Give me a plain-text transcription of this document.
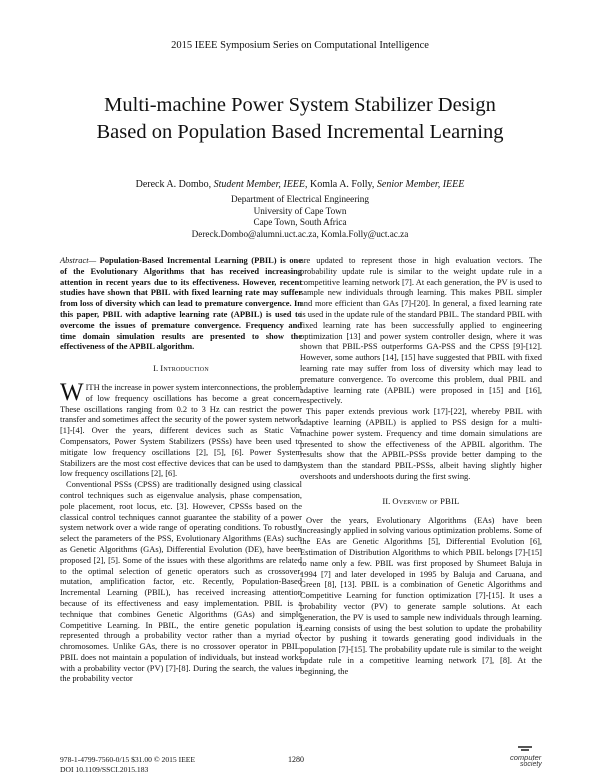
2015 IEEE Symposium Series on Computational Intelligence
Multi-machine Power System Stabilizer Design
Based on Population Based Incremental Learning
Dereck A. Dombo, Student Member, IEEE, Komla A. Folly, Senior Member, IEEE
Department of Electrical Engineering
University of Cape Town
Cape Town, South Africa
Dereck.Dombo@alumni.uct.ac.za, Komla.Folly@uct.ac.za

Abstract— Population-Based Incremental Learning (PBIL) is one of the Evolutionary Algorithms that has received increasing attention in recent years due to its effectiveness. However, recent studies have shown that PBIL with fixed learning rate may suffer from loss of diversity which can lead to premature convergence. In this paper, PBIL with adaptive learning rate (APBIL) is used to overcome the issues of premature convergence. Frequency and time domain simulation results are presented to show the effectiveness of the APBIL algorithm.

I. Introduction

WITH the increase in power system interconnections, the problem of low frequency oscillations has become a great concern. These oscillations ranging from 0.2 to 3 Hz can restrict the power transfer and sometimes affect the security of the power system network [1]-[4]. Over the years, different devices such as Static Var Compensators, Power System Stabilizers (PSSs) have been used to mitigate low frequency oscillations [2], [5], [6]. Power System Stabilizers are the most cost effective devices that can be used to damp low frequency oscillations [2], [6].

Conventional PSSs (CPSS) are traditionally designed using classical control techniques such as eigenvalue analysis, phase compensation, pole placement, root locus, etc. [3]. However, CPSSs based on the classical control techniques cannot guarantee the stability of a power system network over a wide range of operating conditions. To robustly select the parameters of the PSS, Evolutionary Algorithms (EAs) such as Genetic Algorithms (GAs), Differential Evolution (DE), have been proposed [2], [5]. Some of the issues with these algorithms are related to the optimal selection of genetic operators such as crossover, mutation, amplification factor, etc. Recently, Population-Based Incremental Learning (PBIL), has received increasing attention because of its effectiveness and easy implementation. PBIL is a technique that combines Genetic Algorithms (GAs) and simple Competitive Learning. In PBIL, the entire genetic population is represented through a probability vector rather than a myriad of chromosomes. Unlike GAs, there is no crossover operator in PBIL. PBIL does not maintain a population of individuals, but instead works with a probability vector (PV) [7]-[8]. During the search, the values in the probability vector

are updated to represent those in high evaluation vectors. The probability update rule is similar to the weight update rule in a competitive learning network [7]. At each generation, the PV is used to sample new individuals through learning. This makes PBIL simpler and more efficient than GAs [7]-[20]. In general, a fixed learning rate is used in the update rule of the standard PBIL. The standard PBIL with fixed learning rate has been successfully applied to engineering optimization [13] and power system controller design, where it was shown that PBIL-PSS outperforms GA-PSS and the CPSS [9]-[12]. However, some authors [14], [15] have suggested that PBIL with fixed learning rate may suffer from loss of diversity which may lead to premature convergence. To overcome this problem, dual PBIL and adaptive learning rate (APBIL) were proposed in [15] and [16], respectively.

This paper extends previous work [17]-[22], whereby PBIL with adaptive learning (APBIL) is applied to PSS design for a multi-machine power system. Frequency and time domain simulations are presented to show the effectiveness of the APBIL algorithm. The results show that the APBIL-PSSs provide better damping to the system than the standard PBIL-PSSs, albeit having slightly higher overshoots and undershoots during the first swing.

II. Overview of PBIL

Over the years, Evolutionary Algorithms (EAs) have been increasingly applied in solving various optimization problems. Some of the EAs are Genetic Algorithms [5], Differential Evolution [6], Estimation of Distribution Algorithms to which PBIL belongs [7]-[15] to name only a few. PBIL was first proposed by Shumeet Baluja in 1994 [7] and later developed in 1995 by Baluja and Caruana, and Green [8], [13]. PBIL is a combination of Genetic Algorithms and Competitive Learning for function optimization [7]-[15]. It uses a probability vector (PV) to generate sample solutions. At each generation, the PV is used to sample new individuals through learning. Learning consists of using the best solution to update the probability vector by pushing it towards generating good individuals in the population [7]-[15]. The probability update rule is similar to the weight update rule in a competitive learning network [7], [8]. At the beginning, the

978-1-4799-7560-0/15 $31.00 © 2015 IEEE
DOI 10.1109/SSCI.2015.183
1280	computer
society
